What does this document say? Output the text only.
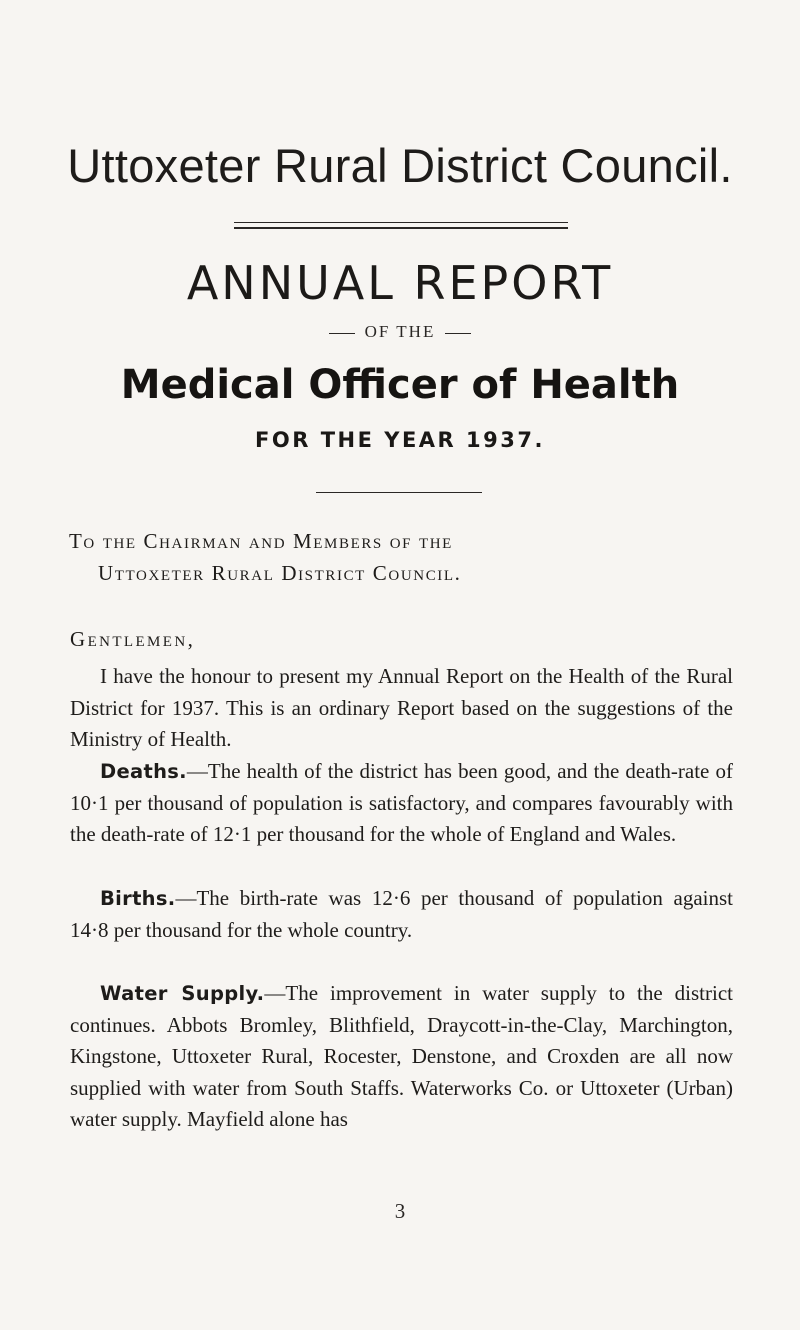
Uttoxeter Rural District Council.
ANNUAL REPORT
OF THE
Medical Officer of Health
FOR THE YEAR 1937.
To the Chairman and Members of the
Uttoxeter Rural District Council.
Gentlemen,

I have the honour to present my Annual Report on the Health of the Rural District for 1937. This is an ordinary Report based on the suggestions of the Ministry of Health.

Deaths.—The health of the district has been good, and the death-rate of 10·1 per thousand of population is satisfactory, and compares favourably with the death-rate of 12·1 per thousand for the whole of England and Wales.

Births.—The birth-rate was 12·6 per thousand of population against 14·8 per thousand for the whole country.

Water Supply.—The improvement in water supply to the district continues. Abbots Bromley, Blithfield, Draycott-in-the-Clay, Marchington, Kingstone, Uttoxeter Rural, Rocester, Denstone, and Croxden are all now supplied with water from South Staffs. Waterworks Co. or Uttoxeter (Urban) water supply. Mayfield alone has

3
